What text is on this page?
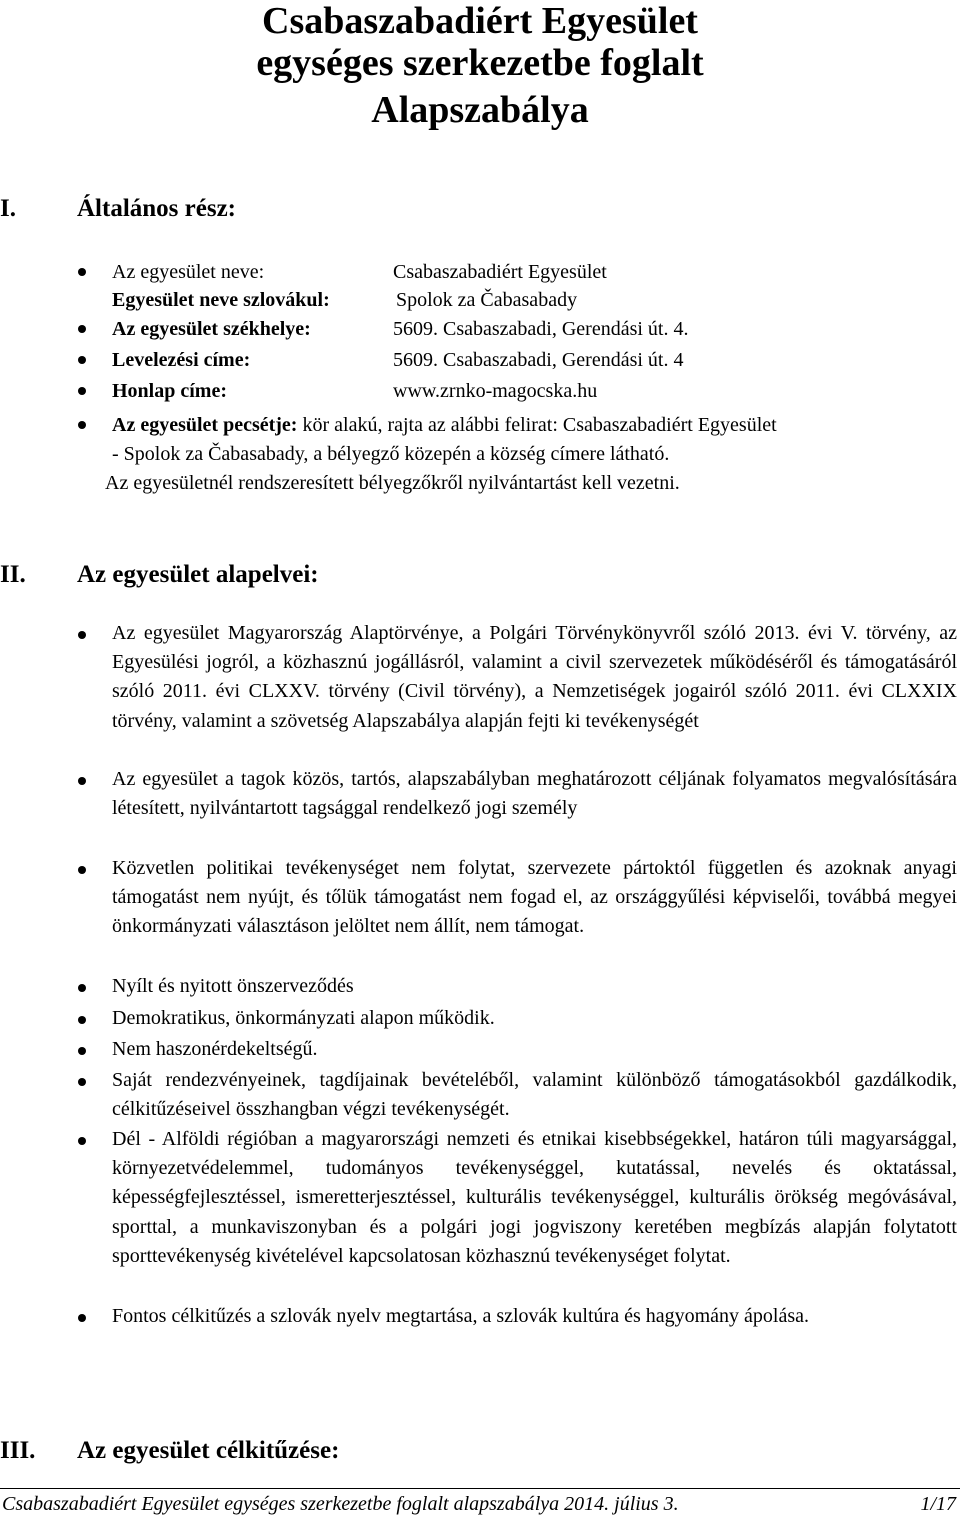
Csabaszabadiért Egyesület
egységes szerkezetbe foglalt
Alapszabálya
I. Általános rész:
Az egyesület neve:	Csabaszabadiért Egyesület
Egyesület neve szlovákul:	Spolok za Čabasabady
Az egyesület székhelye:	5609. Csabaszabadi, Gerendási út. 4.
Levelezési címe:	5609. Csabaszabadi, Gerendási út. 4
Honlap címe:	www.zrnko-magocska.hu
Az egyesület pecsétje: kör alakú, rajta az alábbi felirat: Csabaszabadiért Egyesület
- Spolok za Čabasabady, a bélyegző közepén a község címere látható.
Az egyesületnél rendszeresített bélyegzőkről nyilvántartást kell vezetni.
II. Az egyesület alapelvei:

Az egyesület Magyarország Alaptörvénye, a Polgári Törvénykönyvről szóló 2013. évi V. törvény, az Egyesülési jogról, a közhasznú jogállásról, valamint a civil szervezetek működéséről és támogatásáról szóló 2011. évi CLXXV. törvény (Civil törvény), a Nemzetiségek jogairól szóló 2011. évi CLXXIX törvény, valamint a szövetség Alapszabálya alapján fejti ki tevékenységét

Az egyesület a tagok közös, tartós, alapszabályban meghatározott céljának folyamatos megvalósítására létesített, nyilvántartott tagsággal rendelkező jogi személy

Közvetlen politikai tevékenységet nem folytat, szervezete pártoktól független és azoknak anyagi támogatást nem nyújt, és tőlük támogatást nem fogad el, az országgyűlési képviselői, továbbá megyei önkormányzati választáson jelöltet nem állít, nem támogat.

Nyílt és nyitott önszerveződés

Demokratikus, önkormányzati alapon működik.

Nem haszonérdekeltségű.

Saját rendezvényeinek, tagdíjainak bevételéből, valamint különböző támogatásokból gazdálkodik, célkitűzéseivel összhangban végzi tevékenységét.

Dél - Alföldi régióban a magyarországi nemzeti és etnikai kisebbségekkel, határon túli magyarsággal, környezetvédelemmel, tudományos tevékenységgel, kutatással, nevelés és oktatással, képességfejlesztéssel, ismeretterjesztéssel, kulturális tevékenységgel, kulturális örökség megóvásával, sporttal, a munkaviszonyban és a polgári jogi jogviszony keretében megbízás alapján folytatott sporttevékenység kivételével kapcsolatosan közhasznú tevékenységet folytat.

Fontos célkitűzés a szlovák nyelv megtartása, a szlovák kultúra és hagyomány ápolása.

III. Az egyesület célkitűzése:
Csabaszabadiért Egyesület egységes szerkezetbe foglalt alapszabálya 2014. július 3.	1/17
